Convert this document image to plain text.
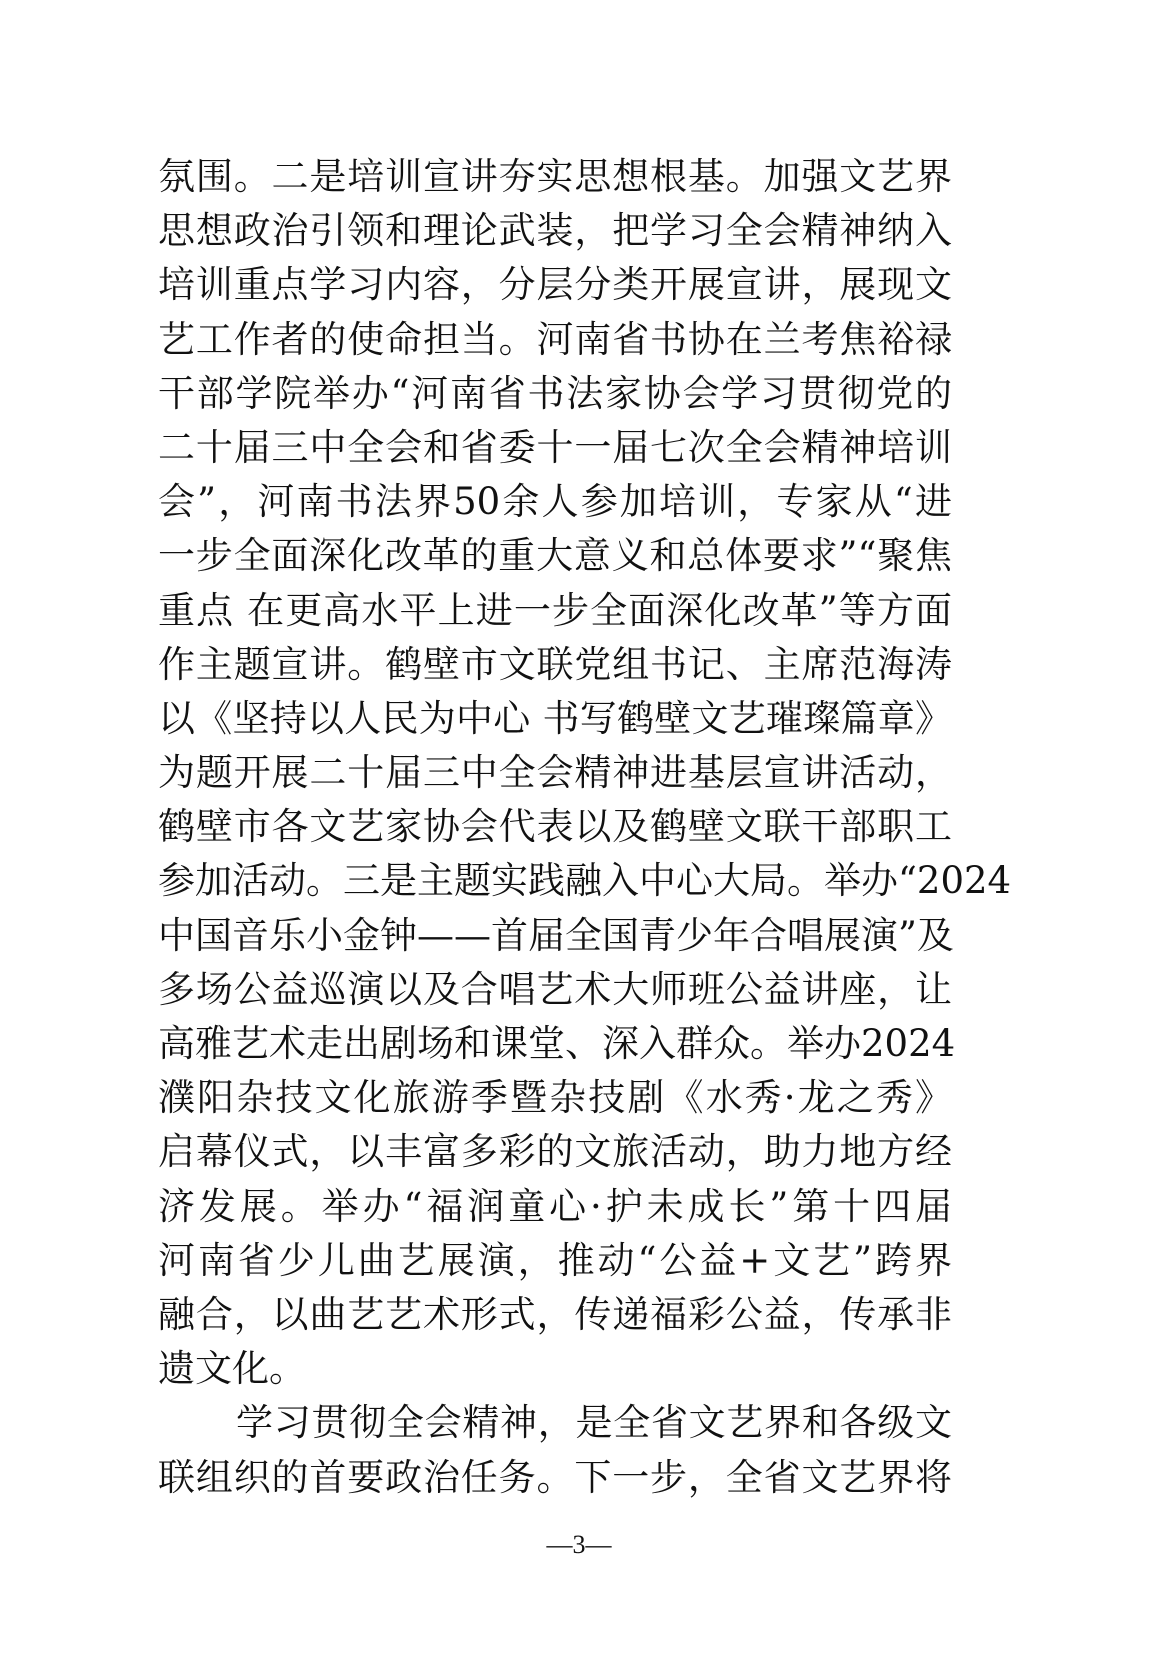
氛围。二是培训宣讲夯实思想根基。加强文艺界
思想政治引领和理论武装，把学习全会精神纳入
培训重点学习内容，分层分类开展宣讲，展现文
艺工作者的使命担当。河南省书协在兰考焦裕禄
干部学院举办“河南省书法家协会学习贯彻党的
二十届三中全会和省委十一届七次全会精神培训
会”，河南书法界50余人参加培训，专家从“进
一步全面深化改革的重大意义和总体要求”“聚焦
重点 在更高水平上进一步全面深化改革”等方面
作主题宣讲。鹤壁市文联党组书记、主席范海涛
以《坚持以人民为中心 书写鹤壁文艺璀璨篇章》
为题开展二十届三中全会精神进基层宣讲活动，
鹤壁市各文艺家协会代表以及鹤壁文联干部职工
参加活动。三是主题实践融入中心大局。举办“2024
中国音乐小金钟——首届全国青少年合唱展演”及
多场公益巡演以及合唱艺术大师班公益讲座，让
高雅艺术走出剧场和课堂、深入群众。举办2024
濮阳杂技文化旅游季暨杂技剧《水秀·龙之秀》
启幕仪式，以丰富多彩的文旅活动，助力地方经
济发展。举办“福润童心·护未成长”第十四届
河南省少儿曲艺展演，推动“公益+文艺”跨界
融合，以曲艺艺术形式，传递福彩公益，传承非
遗文化。
学习贯彻全会精神，是全省文艺界和各级文
联组织的首要政治任务。下一步，全省文艺界将
—3—
